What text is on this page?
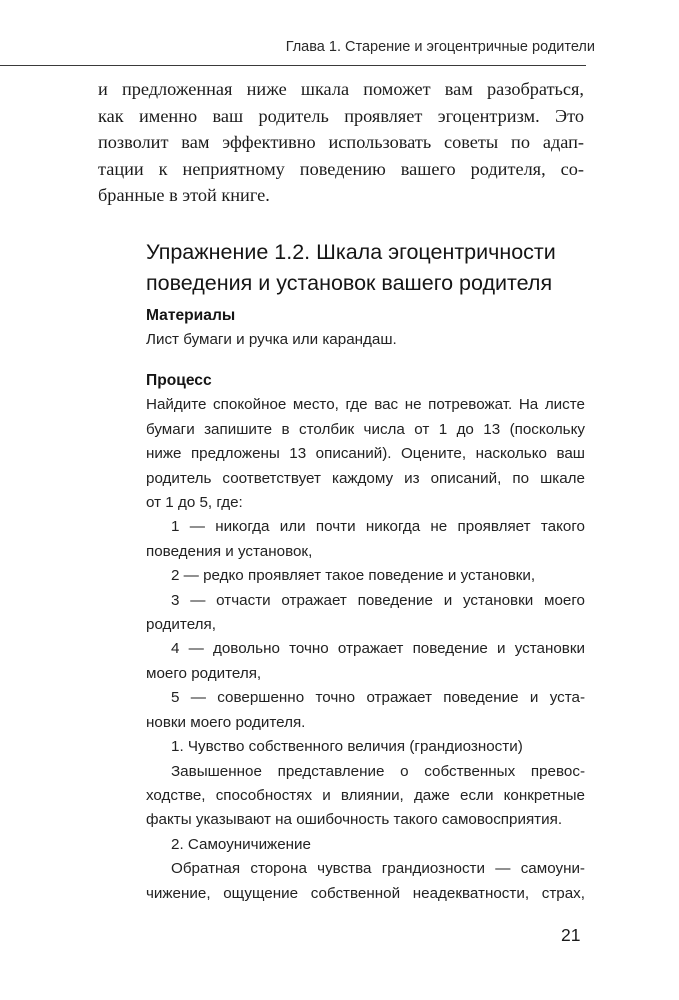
Глава 1. Старение и эгоцентричные родители
и предложенная ниже шкала поможет вам разобраться,
как именно ваш родитель проявляет эгоцентризм. Это
позволит вам эффективно использовать советы по адап-
тации к неприятному поведению вашего родителя, со-
бранные в этой книге.
Упражнение 1.2. Шкала эгоцентричности
поведения и установок вашего родителя
Материалы
Лист бумаги и ручка или карандаш.
Процесс
Найдите спокойное место, где вас не потревожат. На листе
бумаги запишите в столбик числа от 1 до 13 (поскольку
ниже предложены 13 описаний). Оцените, насколько ваш
родитель соответствует каждому из описаний, по шкале
от 1 до 5, где:
1 — никогда или почти никогда не проявляет такого
поведения и установок,
2 — редко проявляет такое поведение и установки,
3 — отчасти отражает поведение и установки моего
родителя,
4 — довольно точно отражает поведение и установки
моего родителя,
5 — совершенно точно отражает поведение и уста-
новки моего родителя.
1. Чувство собственного величия (грандиозности)
Завышенное представление о собственных превос-
ходстве, способностях и влиянии, даже если конкретные
факты указывают на ошибочность такого самовосприятия.
2. Самоуничижение
Обратная сторона чувства грандиозности — самоуни-
чижение, ощущение собственной неадекватности, страх,
21
